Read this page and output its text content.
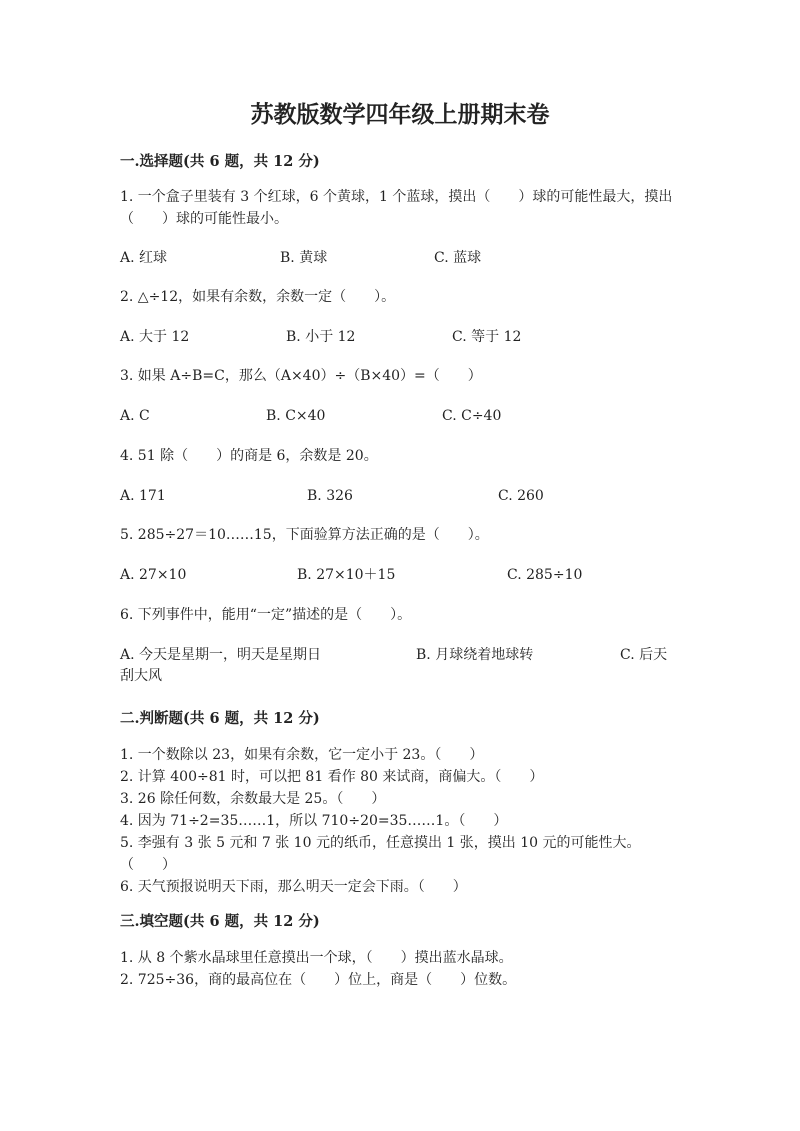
苏教版数学四年级上册期末卷
一.选择题(共 6 题，共 12 分)
1. 一个盒子里装有 3 个红球，6 个黄球，1 个蓝球，摸出（　　）球的可能性最大，摸出（　　）球的可能性最小。
A. 红球	B. 黄球	C. 蓝球
2. △÷12，如果有余数，余数一定（　　）。
A. 大于 12	B. 小于 12	C. 等于 12
3. 如果 A÷B=C，那么（A×40）÷（B×40）=（　　）
A. C	B. C×40	C. C÷40
4. 51 除（　　）的商是 6，余数是 20。
A. 171	B. 326	C. 260
5. 285÷27＝10……15，下面验算方法正确的是（　　）。
A. 27×10	B. 27×10＋15	C. 285÷10
6. 下列事件中，能用“一定”描述的是（　　）。
A. 今天是星期一，明天是星期日	B. 月球绕着地球转	C. 后天
刮大风
二.判断题(共 6 题，共 12 分)
1. 一个数除以 23，如果有余数，它一定小于 23。（　　）
2. 计算 400÷81 时，可以把 81 看作 80 来试商，商偏大。（　　）
3. 26 除任何数，余数最大是 25。（　　）
4. 因为 71÷2=35……1，所以 710÷20=35……1。（　　）
5. 李强有 3 张 5 元和 7 张 10 元的纸币，任意摸出 1 张，摸出 10 元的可能性大。　　（　　）
6. 天气预报说明天下雨，那么明天一定会下雨。（　　）
三.填空题(共 6 题，共 12 分)
1. 从 8 个紫水晶球里任意摸出一个球，（　　）摸出蓝水晶球。
2. 725÷36，商的最高位在（　　）位上，商是（　　）位数。
